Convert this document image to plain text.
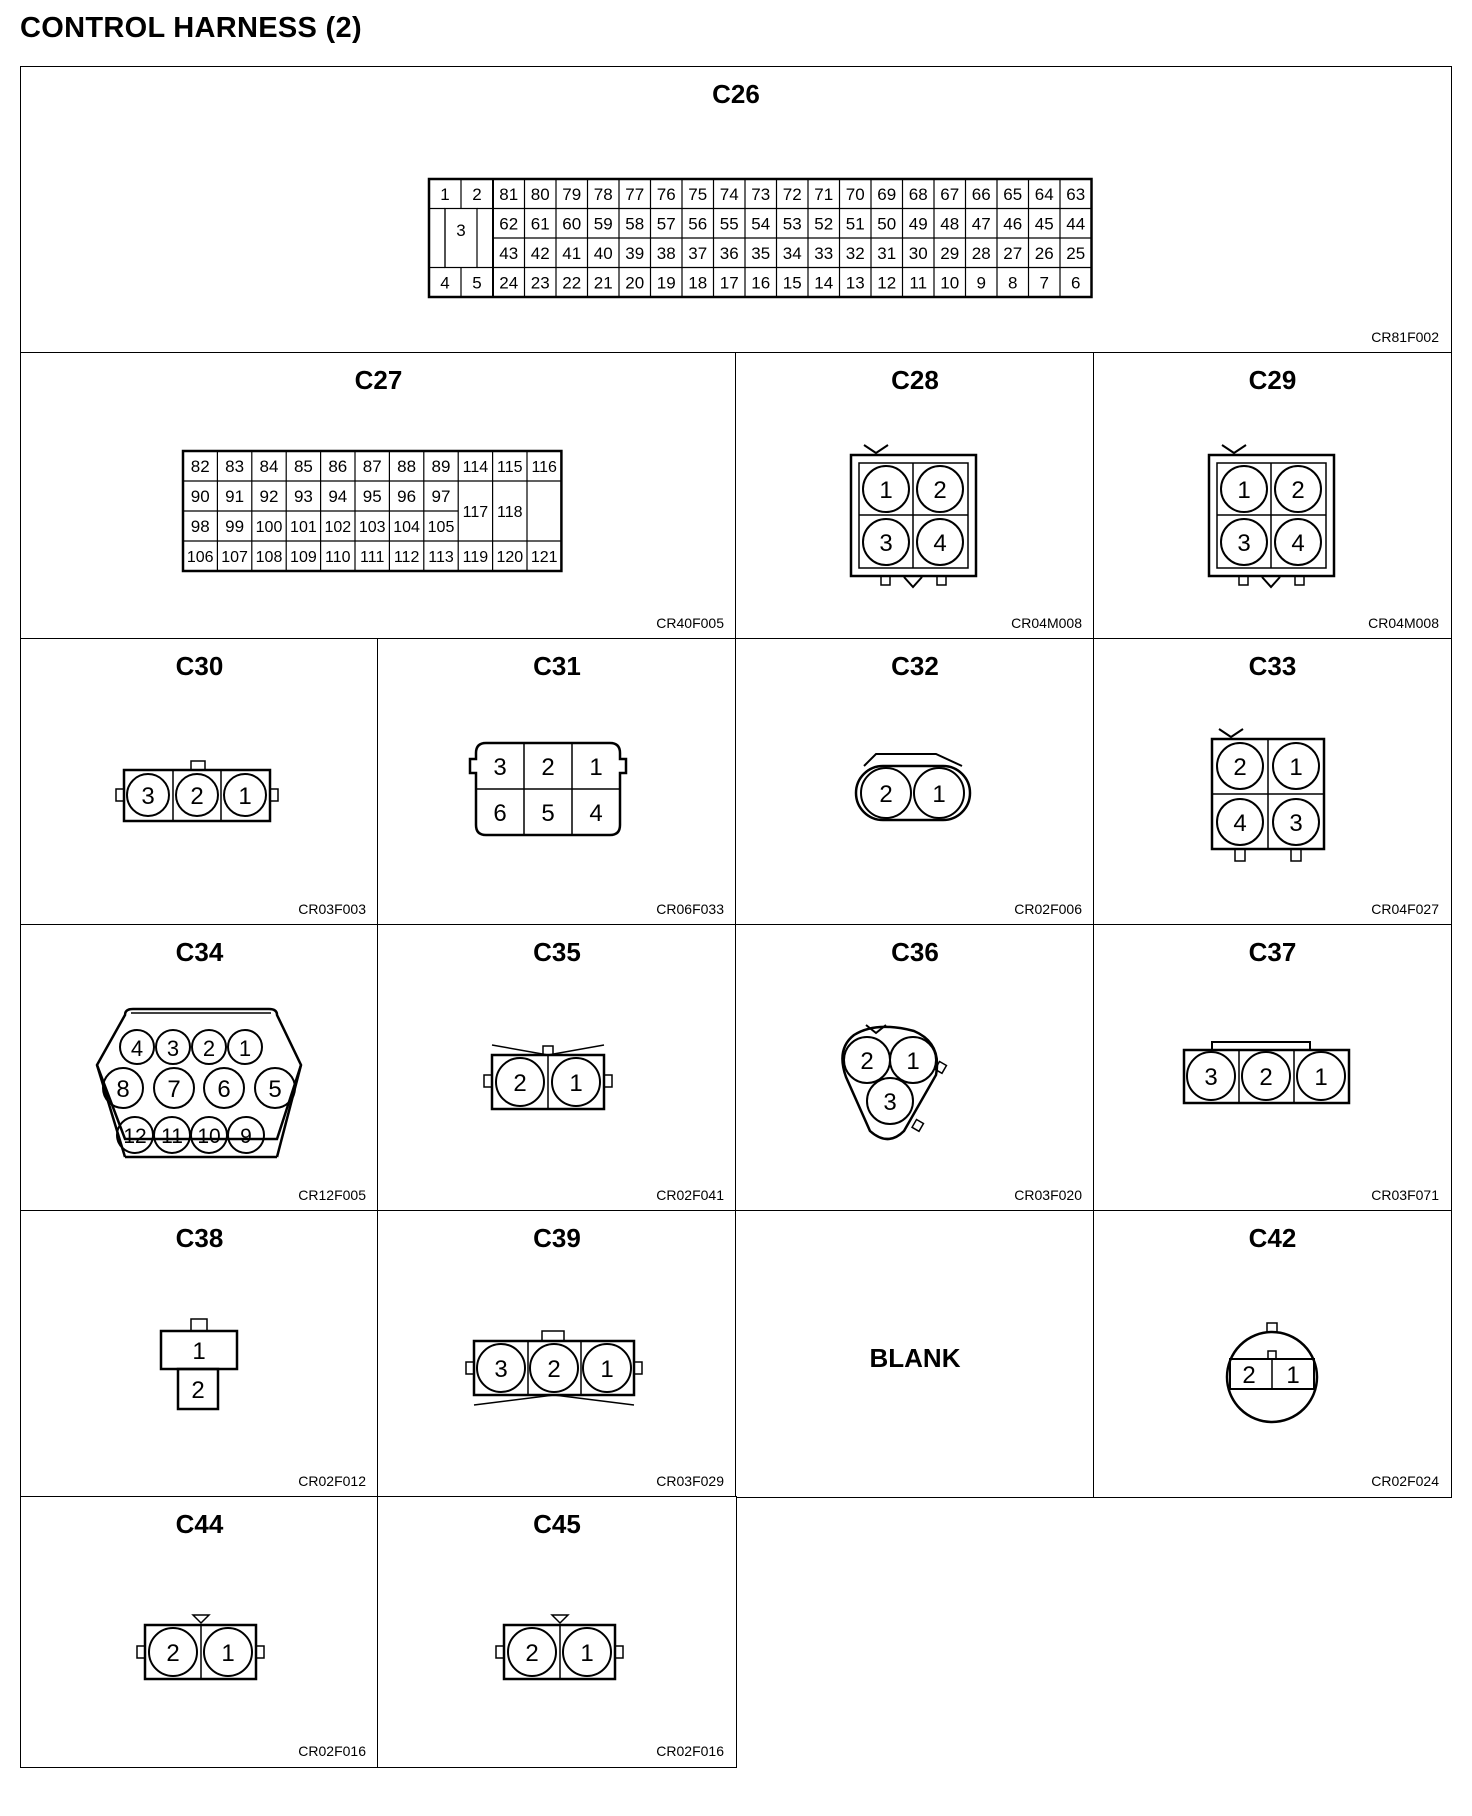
CONTROL HARNESS (2)
C26
1 2
3
4 5
81 80 79 78 77 76 75 74 73 72 71 70 69 68 67 66 65 64 63
62 61 60 59 58 57 56 55 54 53 52 51 50 49 48 47 46 45 44
43 42 41 40 39 38 37 36 35 34 33 32 31 30 29 28 27 26 25
24 23 22 21 20 19 18 17 16 15 14 13 12 11 10 9 8 7 6
CR81F002
C27
82 83 84 85 86 87 88 89
90 91 92 93 94 95 96 97
98 99 100 101 102 103 104 105
106 107 108 109 110 111 112 113
114 115 116
117 118
119 120 121
CR40F005
C28
1 2
3 4
CR04M008
C29
1 2
3 4
CR04M008
C30
3 2 1
CR03F003
C31
3 2 1
6 5 4
CR06F033
C32
2 1
CR02F006
C33
2 1
4 3
CR04F027
C34
4 3 2 1
8 7 6 5
12 11 10 9
CR12F005
C35
2 1
CR02F041
C36
2 1
3
CR03F020
C37
3 2 1
CR03F071
C38
1
2
CR02F012
C39
3 2 1
CR03F029
BLANK
C42
2 1
CR02F024
C44
2 1
CR02F016
C45
2 1
CR02F016
